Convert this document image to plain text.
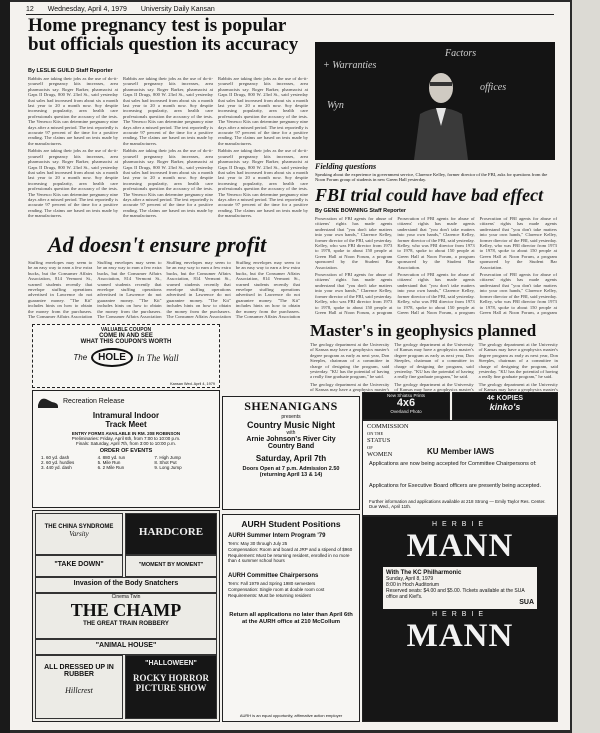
12 Wednesday, April 4, 1979 University Daily Kansan
Home pregnancy test is popular but officials question its accuracy
By LESLIE GUILD Staff Reporter

Rabbits are taking their jobs as the use of do-it-yourself pregnancy kits increases, area pharmacists say. Roger Barker, pharmacist at Gaps II Drugs, 800 W. 23rd St., said yesterday that sales had increased from about six a month last year to 20 a month now. Soy despite increasing popularity, area health care professionals question the accuracy of the tests. The Venesco Kits can determine pregnancy nine days after a missed period. The test reportedly is accurate 97 percent of the time for a positive reading. The claims are based on tests made by the manufacturers.

Rabbits are taking their jobs as the use of do-it-yourself pregnancy kits increases, area pharmacists say. Roger Barker, pharmacist at Gaps II Drugs, 800 W. 23rd St., said yesterday that sales had increased from about six a month last year to 20 a month now. Soy despite increasing popularity, area health care professionals question the accuracy of the tests. The Venesco Kits can determine pregnancy nine days after a missed period. The test reportedly is accurate 97 percent of the time for a positive reading. The claims are based on tests made by the manufacturers.

Rabbits are taking their jobs as the use of do-it-yourself pregnancy kits increases, area pharmacists say. Roger Barker, pharmacist at Gaps II Drugs, 800 W. 23rd St., said yesterday that sales had increased from about six a month last year to 20 a month now. Soy despite increasing popularity, area health care professionals question the accuracy of the tests. The Venesco Kits can determine pregnancy nine days after a missed period. The test reportedly is accurate 97 percent of the time for a positive reading. The claims are based on tests made by the manufacturers.

Rabbits are taking their jobs as the use of do-it-yourself pregnancy kits increases, area pharmacists say. Roger Barker, pharmacist at Gaps II Drugs, 800 W. 23rd St., said yesterday that sales had increased from about six a month last year to 20 a month now. Soy despite increasing popularity, area health care professionals question the accuracy of the tests. The Venesco Kits can determine pregnancy nine days after a missed period. The test reportedly is accurate 97 percent of the time for a positive reading. The claims are based on tests made by the manufacturers.

Rabbits are taking their jobs as the use of do-it-yourself pregnancy kits increases, area pharmacists say. Roger Barker, pharmacist at Gaps II Drugs, 800 W. 23rd St., said yesterday that sales had increased from about six a month last year to 20 a month now. Soy despite increasing popularity, area health care professionals question the accuracy of the tests. The Venesco Kits can determine pregnancy nine days after a missed period. The test reportedly is accurate 97 percent of the time for a positive reading. The claims are based on tests made by the manufacturers.

Rabbits are taking their jobs as the use of do-it-yourself pregnancy kits increases, area pharmacists say. Roger Barker, pharmacist at Gaps II Drugs, 800 W. 23rd St., said yesterday that sales had increased from about six a month last year to 20 a month now. Soy despite increasing popularity, area health care professionals question the accuracy of the tests. The Venesco Kits can determine pregnancy nine days after a missed period. The test reportedly is accurate 97 percent of the time for a positive reading. The claims are based on tests made by the manufacturers.

Factors
+ Warranties
offices
Wyn
Fielding questions
Speaking about the experience in government service, Clarence Kelley, former director of the FBI, asks for questions from the Noon Forum group of students in new Green Hall yesterday.
FBI trial could have bad effect
By GENE BOWNING Staff Reporter

Prosecution of FBI agents for abuse of citizens' rights has made agents understand that "you don't take matters into your own hands," Clarence Kelley, former director of the FBI, said yesterday. Kelley, who was FBI director from 1973 to 1978, spoke to about 150 people at Green Hall at Noon Forum, a program sponsored by the Student Bar Association.

Prosecution of FBI agents for abuse of citizens' rights has made agents understand that "you don't take matters into your own hands," Clarence Kelley, former director of the FBI, said yesterday. Kelley, who was FBI director from 1973 to 1978, spoke to about 150 people at Green Hall at Noon Forum, a program

Prosecution of FBI agents for abuse of citizens' rights has made agents understand that "you don't take matters into your own hands," Clarence Kelley, former director of the FBI, said yesterday. Kelley, who was FBI director from 1973 to 1978, spoke to about 150 people at Green Hall at Noon Forum, a program sponsored by the Student Bar Association.

Prosecution of FBI agents for abuse of citizens' rights has made agents understand that "you don't take matters into your own hands," Clarence Kelley, former director of the FBI, said yesterday. Kelley, who was FBI director from 1973 to 1978, spoke to about 150 people at Green Hall at Noon Forum, a program

Prosecution of FBI agents for abuse of citizens' rights has made agents understand that "you don't take matters into your own hands," Clarence Kelley, former director of the FBI, said yesterday. Kelley, who was FBI director from 1973 to 1978, spoke to about 150 people at Green Hall at Noon Forum, a program sponsored by the Student Bar Association.

Prosecution of FBI agents for abuse of citizens' rights has made agents understand that "you don't take matters into your own hands," Clarence Kelley, former director of the FBI, said yesterday. Kelley, who was FBI director from 1973 to 1978, spoke to about 150 people at Green Hall at Noon Forum, a program

Ad doesn't ensure profit

Stuffing envelopes may seem to be an easy way to earn a few extra bucks, but the Consumer Affairs Association, 814 Vermont St., warned students recently that envelope stuffing operations advertised in Lawrence do not guarantee money. "The Kit" includes hints on how to obtain the money from the purchasers. The Consumer Affairs Association

Stuffing envelopes may seem to be an easy way to earn a few extra bucks, but the Consumer Affairs Association, 814 Vermont St., warned students recently that envelope stuffing operations advertised in Lawrence do not guarantee money. "The Kit" includes hints on how to obtain the money from the purchasers. The Consumer Affairs Association

Stuffing envelopes may seem to be an easy way to earn a few extra bucks, but the Consumer Affairs Association, 814 Vermont St., warned students recently that envelope stuffing operations advertised in Lawrence do not guarantee money. "The Kit" includes hints on how to obtain the money from the purchasers. The Consumer Affairs Association

Stuffing envelopes may seem to be an easy way to earn a few extra bucks, but the Consumer Affairs Association, 814 Vermont St., warned students recently that envelope stuffing operations advertised in Lawrence do not guarantee money. "The Kit" includes hints on how to obtain the money from the purchasers. The Consumer Affairs Association

Master's in geophysics planned

The geology department at the University of Kansas may have a geophysics master's degree program as early as next year, Don Steeples, chairman of a committee in charge of designing the program, said yesterday. "KU has the potential of having a really fine graduate program," he said.

The geology department at the University of Kansas may have a geophysics master's

The geology department at the University of Kansas may have a geophysics master's degree program as early as next year, Don Steeples, chairman of a committee in charge of designing the program, said yesterday. "KU has the potential of having a really fine graduate program," he said.

The geology department at the University of Kansas may have a geophysics master's

The geology department at the University of Kansas may have a geophysics master's degree program as early as next year, Don Steeples, chairman of a committee in charge of designing the program, said yesterday. "KU has the potential of having a really fine graduate program," he said.

The geology department at the University of Kansas may have a geophysics master's

VALUABLE COUPON
COME IN AND SEE
WHAT THIS COUPON'S WORTH
The	HOLE	In The Wall
Kansan Wed. April 4, 1979
Recreation Release
Intramural Indoor
Track Meet
ENTRY FORMS AVAILABLE IN RM. 208 ROBINSON
Preliminaries: Friday, April 6th, from 7:00 to 10:00 p.m.
Finals: Saturday, April 7th, from 3:00 to 10:00 p.m.
ORDER OF EVENTS
1. 60 yd. dash	4. 880 yd. run	7. High Jump
2. 60 yd. hurdles	5. Mile Run	8. Shot Put
3. 440 yd. dash	6. 2 Mile Run	9. Long Jump
SHENANIGANS
presents
Country Music Night
with
Arnie Johnson's River City
Country Band
Saturday, April 7th
Doors Open at 7 p.m. Admission 2.50
(returning April 13 & 14)
New Shiatsu Prints
4x6
Overland Photo
4¢ KOPIES
kinko's
COMMISSION
ON THE
STATUS
OF
WOMEN	KU Member IAWS
Applications are now being accepted for Committee Chairpersons of:
Applications for Executive Board officers are presently being accepted.
Further information and applications available at 218 Strong — Emily Taylor Res. Center. Due Wed., April 11th.
THE CHINA SYNDROME
Varsity	HARDCORE
"TAKE DOWN"	"MOMENT BY MOMENT"
Invasion of the Body Snatchers
Cinema Twin
THE CHAMP
THE GREAT TRAIN ROBBERY
"ANIMAL HOUSE"
ALL DRESSED UP IN RUBBER
Hillcrest
"HALLOWEEN"
ROCKY HORROR PICTURE SHOW
AURH Student Positions
AURH Summer Intern Program '79
Term: May 30 through July 25
Compensation: Room and board at JRP and a stipend of $960
Requirement: Must be returning resident, enrolled in no more than 4 summer school hours
AURH Committee Chairpersons
Term: Fall 1979 and Spring 1980 semesters
Compensation: Single room at double room cost
Requirements: Must be returning resident
Return all applications no later than April 6th at the AURH office at 210 McCollum
AURH is an equal opportunity, affirmative action employer
HERBIE
MANN
With The KC Philharmonic
Sunday, April 8, 1979
8:00 in Hoch Auditorium
Reserved seats: $4.00 and $5.00. Tickets available at the SUA office and Kief's.
SUA
HERBIE
MANN
